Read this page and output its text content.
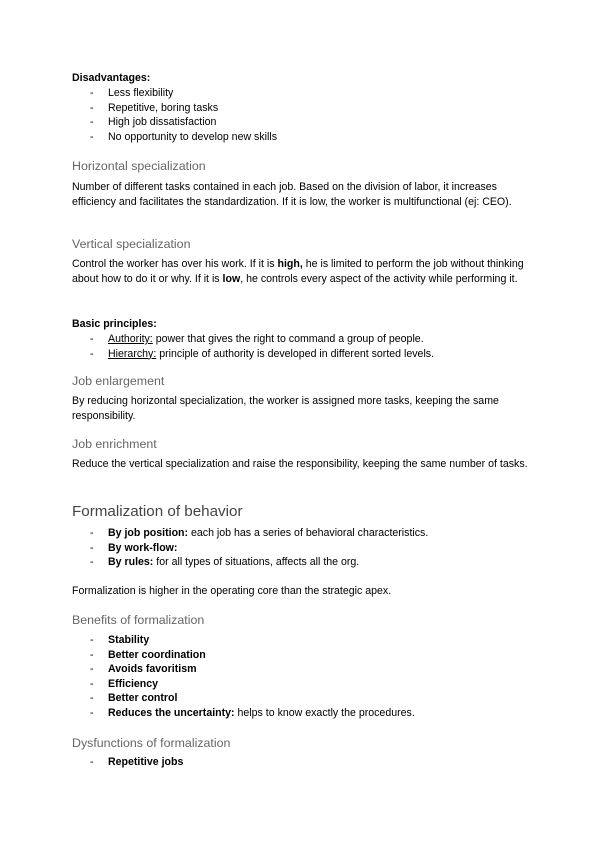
Disadvantages:

- Less flexibility
- Repetitive, boring tasks
- High job dissatisfaction
- No opportunity to develop new skills
Horizontal specialization

Number of different tasks contained in each job. Based on the division of labor, it increases efficiency and facilitates the standardization. If it is low, the worker is multifunctional (ej: CEO).

Vertical specialization

Control the worker has over his work. If it is high, he is limited to perform the job without thinking about how to do it or why. If it is low, he controls every aspect of the activity while performing it.

Basic principles:

- Authority: power that gives the right to command a group of people.
- Hierarchy: principle of authority is developed in different sorted levels.
Job enlargement

By reducing horizontal specialization, the worker is assigned more tasks, keeping the same responsibility.

Job enrichment

Reduce the vertical specialization and raise the responsibility, keeping the same number of tasks.

Formalization of behavior
- By job position: each job has a series of behavioral characteristics.
- By work-flow:
- By rules: for all types of situations, affects all the org.

Formalization is higher in the operating core than the strategic apex.

Benefits of formalization
- Stability
- Better coordination
- Avoids favoritism
- Efficiency
- Better control
- Reduces the uncertainty: helps to know exactly the procedures.
Dysfunctions of formalization
- Repetitive jobs
